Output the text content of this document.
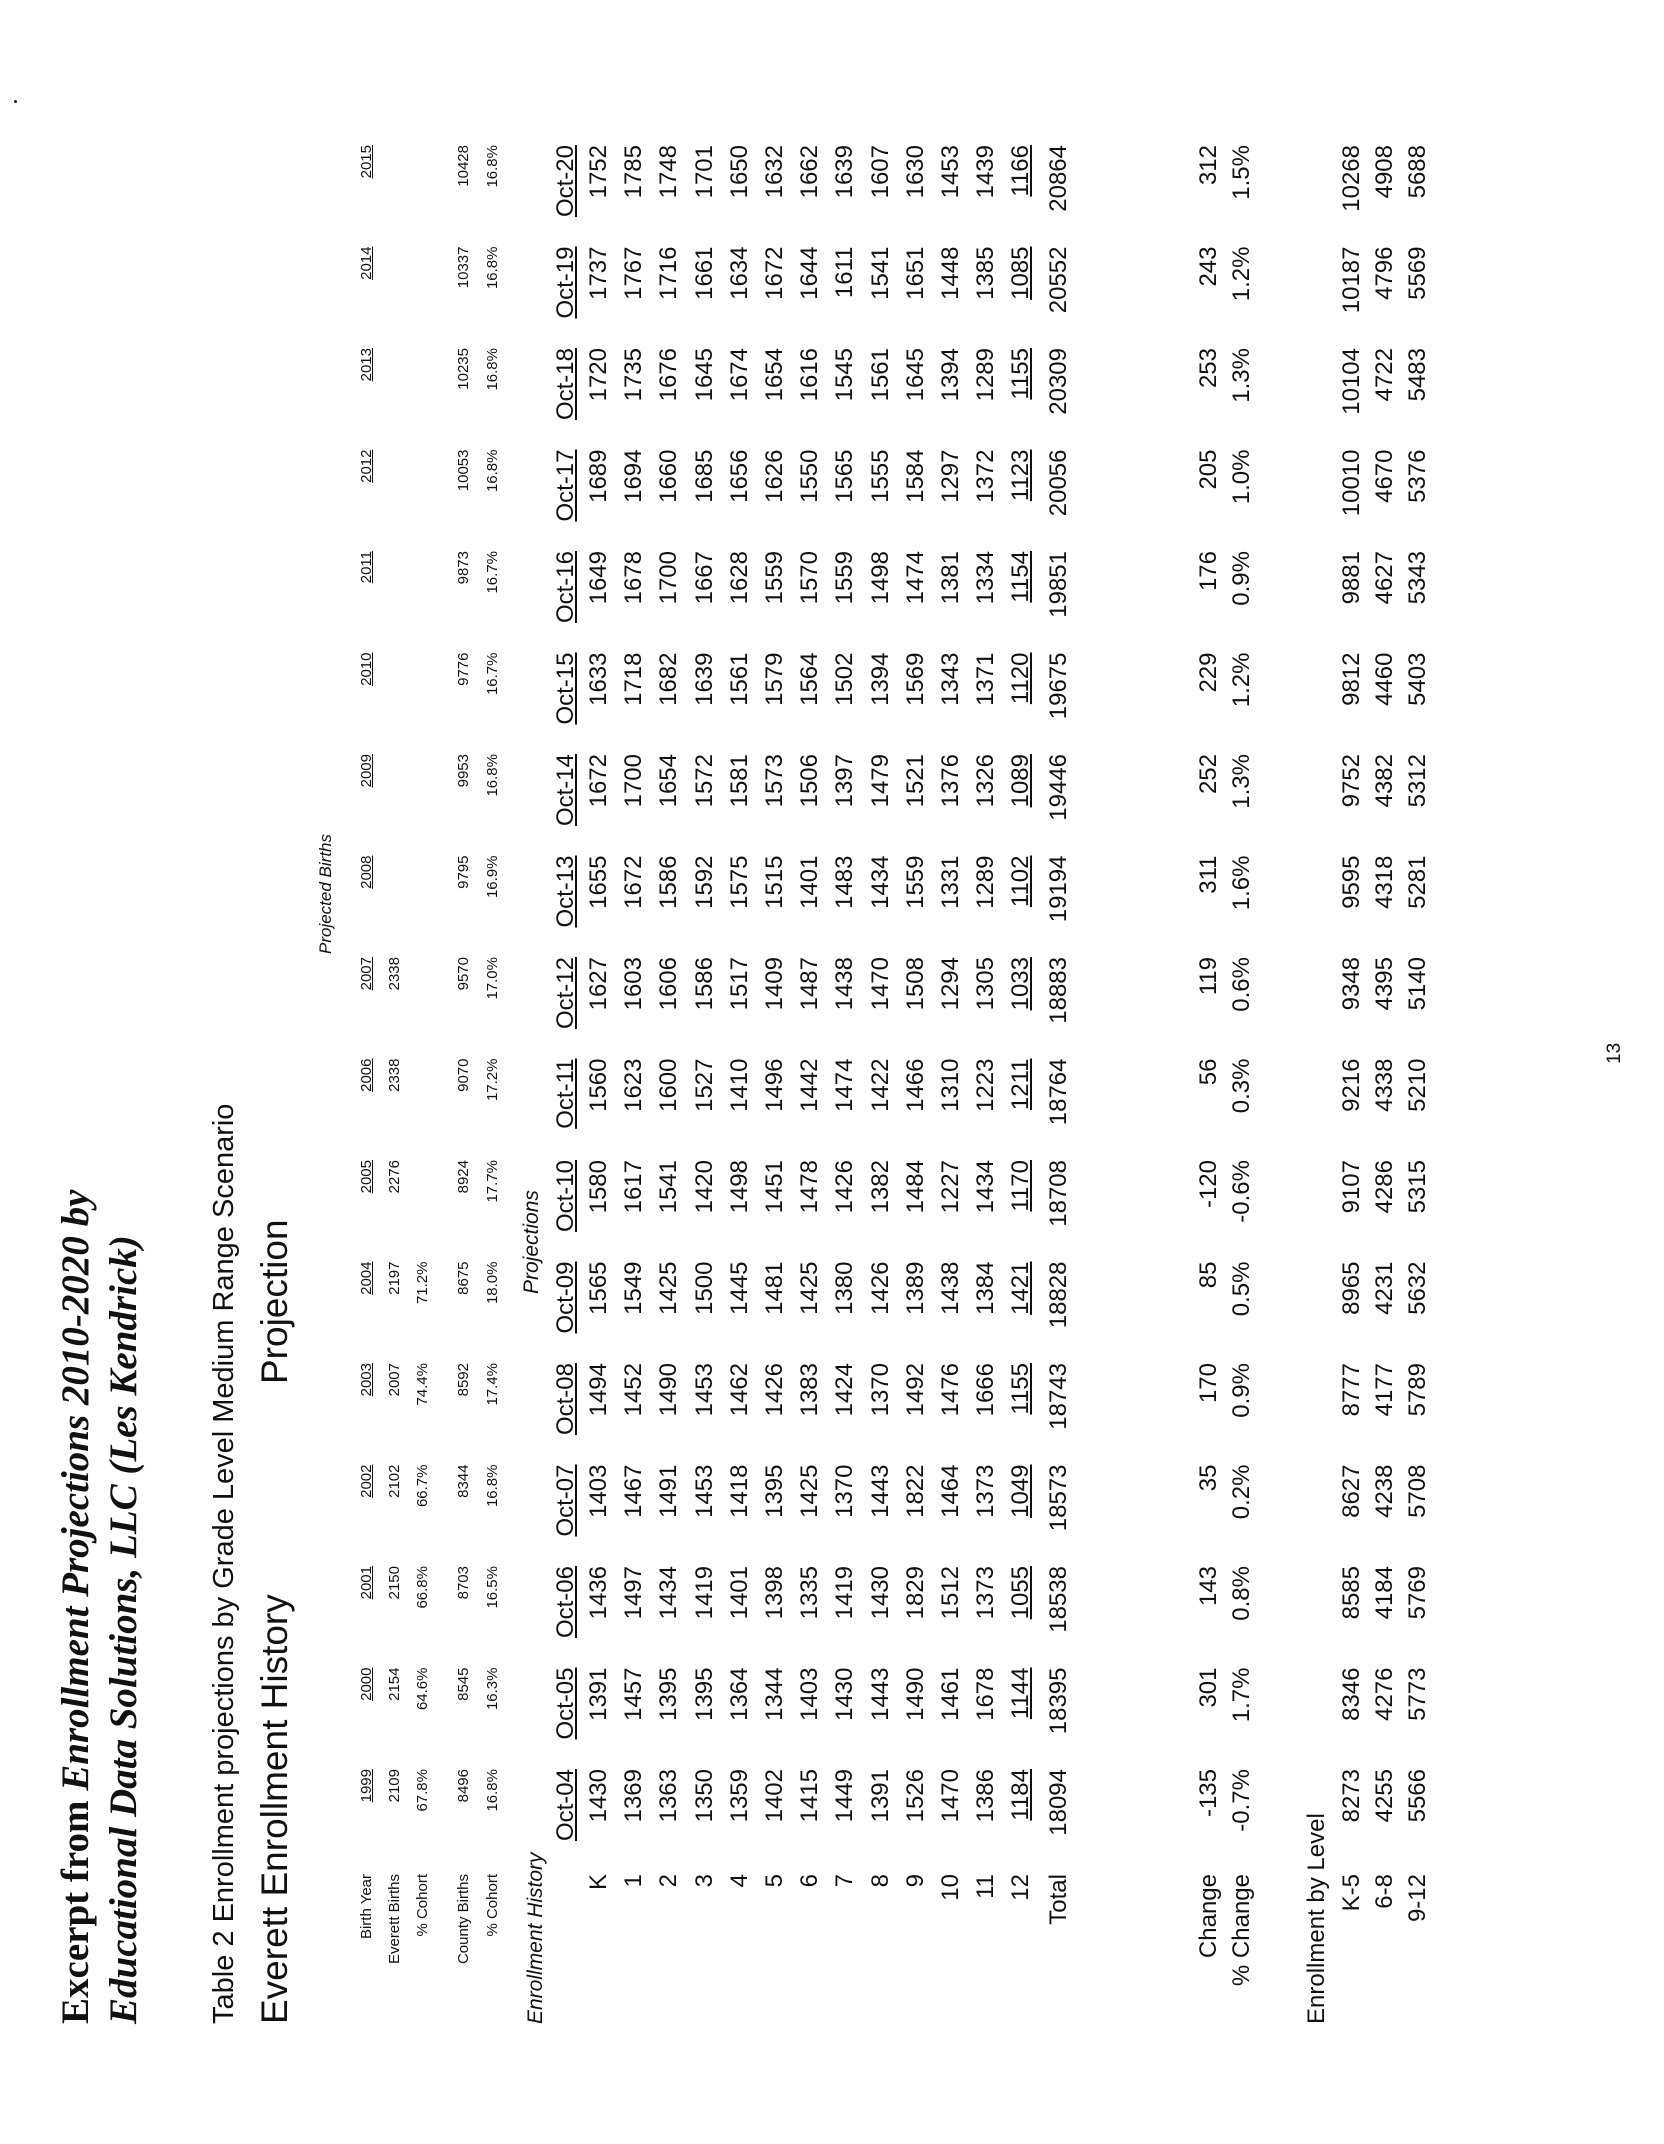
Excerpt from Enrollment Projections 2010-2020 by Educational Data Solutions, LLC (Les Kendrick) Table 2 Enrollment projections by Grade Level Medium Range Scenario Everett Enrollment History
Projection
Projected Births
Enrollment History
Projections
Birth Year
1999
2000
2001
2002
2003
2004
2005
2006
2007
2008
2009
2010
2011
2012
2013
2014
2015
Everett Births
2109
2154
2150
2102
2007
2197
2276
2338
2338
% Cohort
67.8%
64.6%
66.8%
66.7%
74.4%
71.2%
County Births
8496
8545
8703
8344
8592
8675
8924
9070
9570
9795
9953
9776
9873
10053
10235
10337
10428
% Cohort
16.8%
16.3%
16.5%
16.8%
17.4%
18.0%
17.7%
17.2%
17.0%
16.9%
16.8%
16.7%
16.7%
16.8%
16.8%
16.8%
16.8%
Oct-04
Oct-05
Oct-06
Oct-07
Oct-08
Oct-09
Oct-10
Oct-11
Oct-12
Oct-13
Oct-14
Oct-15
Oct-16
Oct-17
Oct-18
Oct-19
Oct-20
K
1430
1391
1436
1403
1494
1565
1580
1560
1627
1655
1672
1633
1649
1689
1720
1737
1752
1
1369
1457
1497
1467
1452
1549
1617
1623
1603
1672
1700
1718
1678
1694
1735
1767
1785
2
1363
1395
1434
1491
1490
1425
1541
1600
1606
1586
1654
1682
1700
1660
1676
1716
1748
3
1350
1395
1419
1453
1453
1500
1420
1527
1586
1592
1572
1639
1667
1685
1645
1661
1701
4
1359
1364
1401
1418
1462
1445
1498
1410
1517
1575
1581
1561
1628
1656
1674
1634
1650
5
1402
1344
1398
1395
1426
1481
1451
1496
1409
1515
1573
1579
1559
1626
1654
1672
1632
6
1415
1403
1335
1425
1383
1425
1478
1442
1487
1401
1506
1564
1570
1550
1616
1644
1662
7
1449
1430
1419
1370
1424
1380
1426
1474
1438
1483
1397
1502
1559
1565
1545
1611
1639
8
1391
1443
1430
1443
1370
1426
1382
1422
1470
1434
1479
1394
1498
1555
1561
1541
1607
9
1526
1490
1829
1822
1492
1389
1484
1466
1508
1559
1521
1569
1474
1584
1645
1651
1630
10
1470
1461
1512
1464
1476
1438
1227
1310
1294
1331
1376
1343
1381
1297
1394
1448
1453
11
1386
1678
1373
1373
1666
1384
1434
1223
1305
1289
1326
1371
1334
1372
1289
1385
1439
12
1184
1144
1055
1049
1155
1421
1170
1211
1033
1102
1089
1120
1154
1123
1155
1085
1166
Total
18094
18395
18538
18573
18743
18828
18708
18764
18883
19194
19446
19675
19851
20056
20309
20552
20864
Change
-135
301
143
35
170
85
-120
56
119
311
252
229
176
205
253
243
312
% Change
-0.7%
1.7%
0.8%
0.2%
0.9%
0.5%
-0.6%
0.3%
0.6%
1.6%
1.3%
1.2%
0.9%
1.0%
1.3%
1.2%
1.5%
Enrollment by Level K-5
8273
8346
8585
8627
8777
8965
9107
9216
9348
9595
9752
9812
9881
10010
10104
10187
10268
6-8
4255
4276
4184
4238
4177
4231
4286
4338
4395
4318
4382
4460
4627
4670
4722
4796
4908
9-12
5566
5773
5769
5708
5789
5632
5315
5210
5140
5281
5312
5403
5343
5376
5483
5569
5688
13
